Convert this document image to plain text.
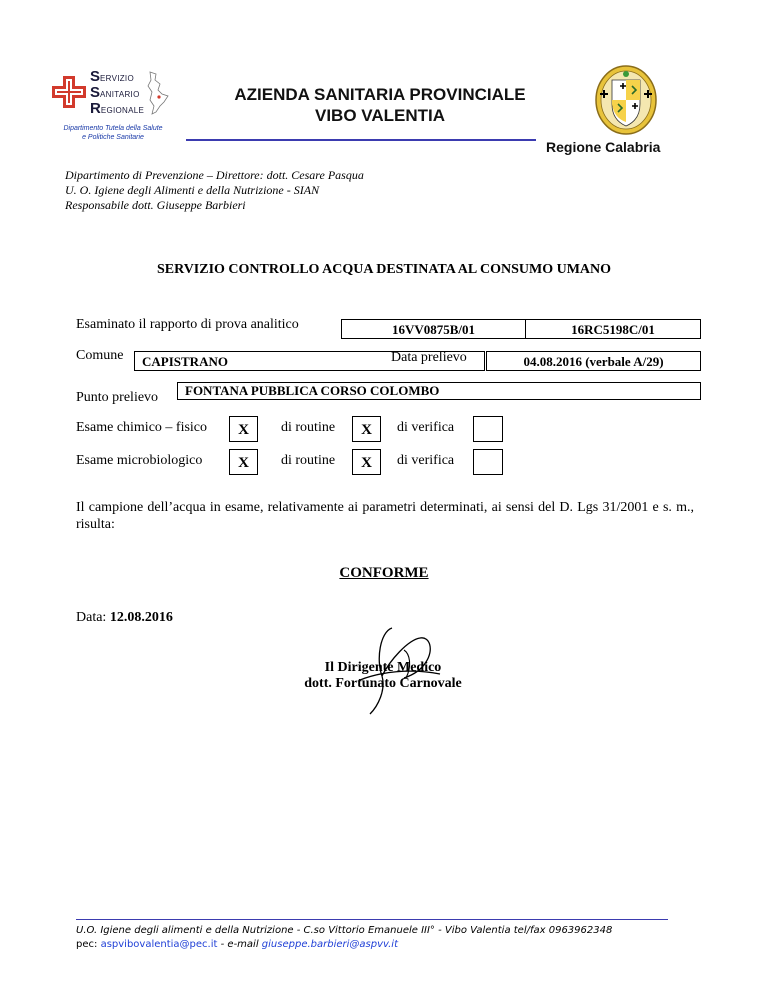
SERVIZIO
SANITARIO
REGIONALE
Dipartimento Tutela della Salute
e Politiche Sanitarie
AZIENDA SANITARIA PROVINCIALE
VIBO VALENTIA
Regione Calabria
Dipartimento di Prevenzione – Direttore: dott. Cesare Pasqua
U. O. Igiene degli Alimenti e della Nutrizione - SIAN
Responsabile dott. Giuseppe Barbieri
SERVIZIO CONTROLLO ACQUA DESTINATA AL CONSUMO UMANO
Esaminato il rapporto di prova analitico	16VV0875B/01	16RC5198C/01
Comune	CAPISTRANO	Data prelievo	04.08.2016 (verbale A/29)
Punto prelievo	FONTANA PUBBLICA CORSO COLOMBO
Esame chimico – fisico	X	di routine	X	di verifica
Esame microbiologico	X	di routine	X	di verifica
Il campione dell’acqua in esame, relativamente ai parametri determinati, ai sensi del D. Lgs 31/2001 e s. m., risulta:
CONFORME
Data: 12.08.2016
Il Dirigente Medico
dott. Fortunato Carnovale
U.O. Igiene degli alimenti e della Nutrizione - C.so Vittorio Emanuele III° - Vibo Valentia tel/fax 0963962348
pec: aspvibovalentia@pec.it - e-mail giuseppe.barbieri@aspvv.it
